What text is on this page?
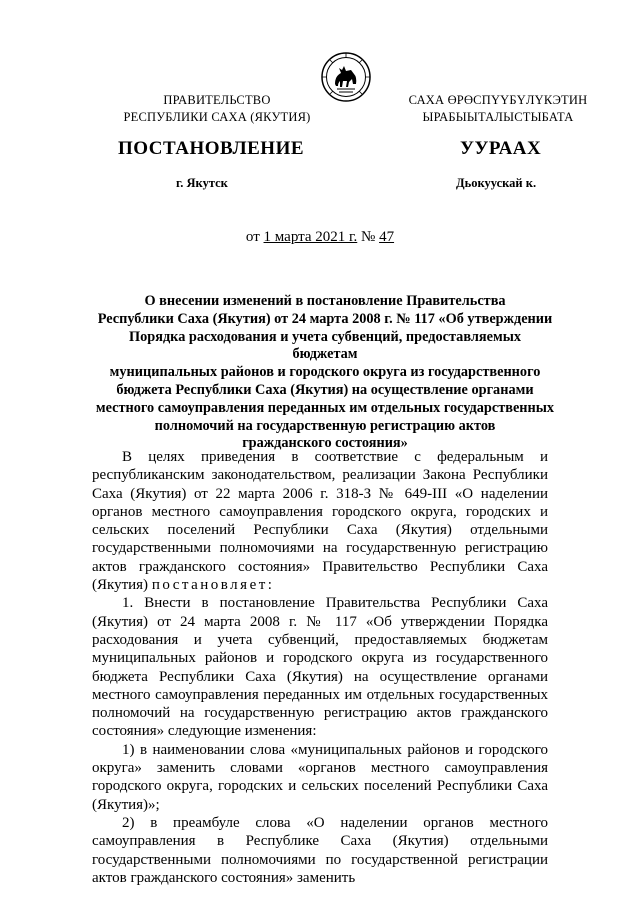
ПРАВИТЕЛЬСТВО
РЕСПУБЛИКИ САХА (ЯКУТИЯ)
САХА ӨРӨСПҮҮБҮЛҮКЭТИН
ЫРАБЫЫТАЛЫСТЫБАТА
ПОСТАНОВЛЕНИЕ	УУРААХ
г. Якутск	Дьокуускай к.
от 1 марта 2021 г. № 47
О внесении изменений в постановление Правительства
Республики Саха (Якутия) от 24 марта 2008 г. № 117 «Об утверждении
Порядка расходования и учета субвенций, предоставляемых бюджетам
муниципальных районов и городского округа из государственного
бюджета Республики Саха (Якутия) на осуществление органами
местного самоуправления переданных им отдельных государственных
полномочий на государственную регистрацию актов
гражданского состояния»

В целях приведения в соответствие с федеральным и республиканским законодательством, реализации Закона Республики Саха (Якутия) от 22 марта 2006 г. 318-З № 649-III «О наделении органов местного самоуправления городского округа, городских и сельских поселений Республики Саха (Якутия) отдельными государственными полномочиями на государственную регистрацию актов гражданского состояния» Правительство Республики Саха (Якутия) постановляет:

1. Внести в постановление Правительства Республики Саха (Якутия) от 24 марта 2008 г. № 117 «Об утверждении Порядка расходования и учета субвенций, предоставляемых бюджетам муниципальных районов и городского округа из государственного бюджета Республики Саха (Якутия) на осуществление органами местного самоуправления переданных им отдельных государственных полномочий на государственную регистрацию актов гражданского состояния» следующие изменения:

1) в наименовании слова «муниципальных районов и городского округа» заменить словами «органов местного самоуправления городского округа, городских и сельских поселений Республики Саха (Якутия)»;

2) в преамбуле слова «О наделении органов местного самоуправления в Республике Саха (Якутия) отдельными государственными полномочиями по государственной регистрации актов гражданского состояния» заменить
